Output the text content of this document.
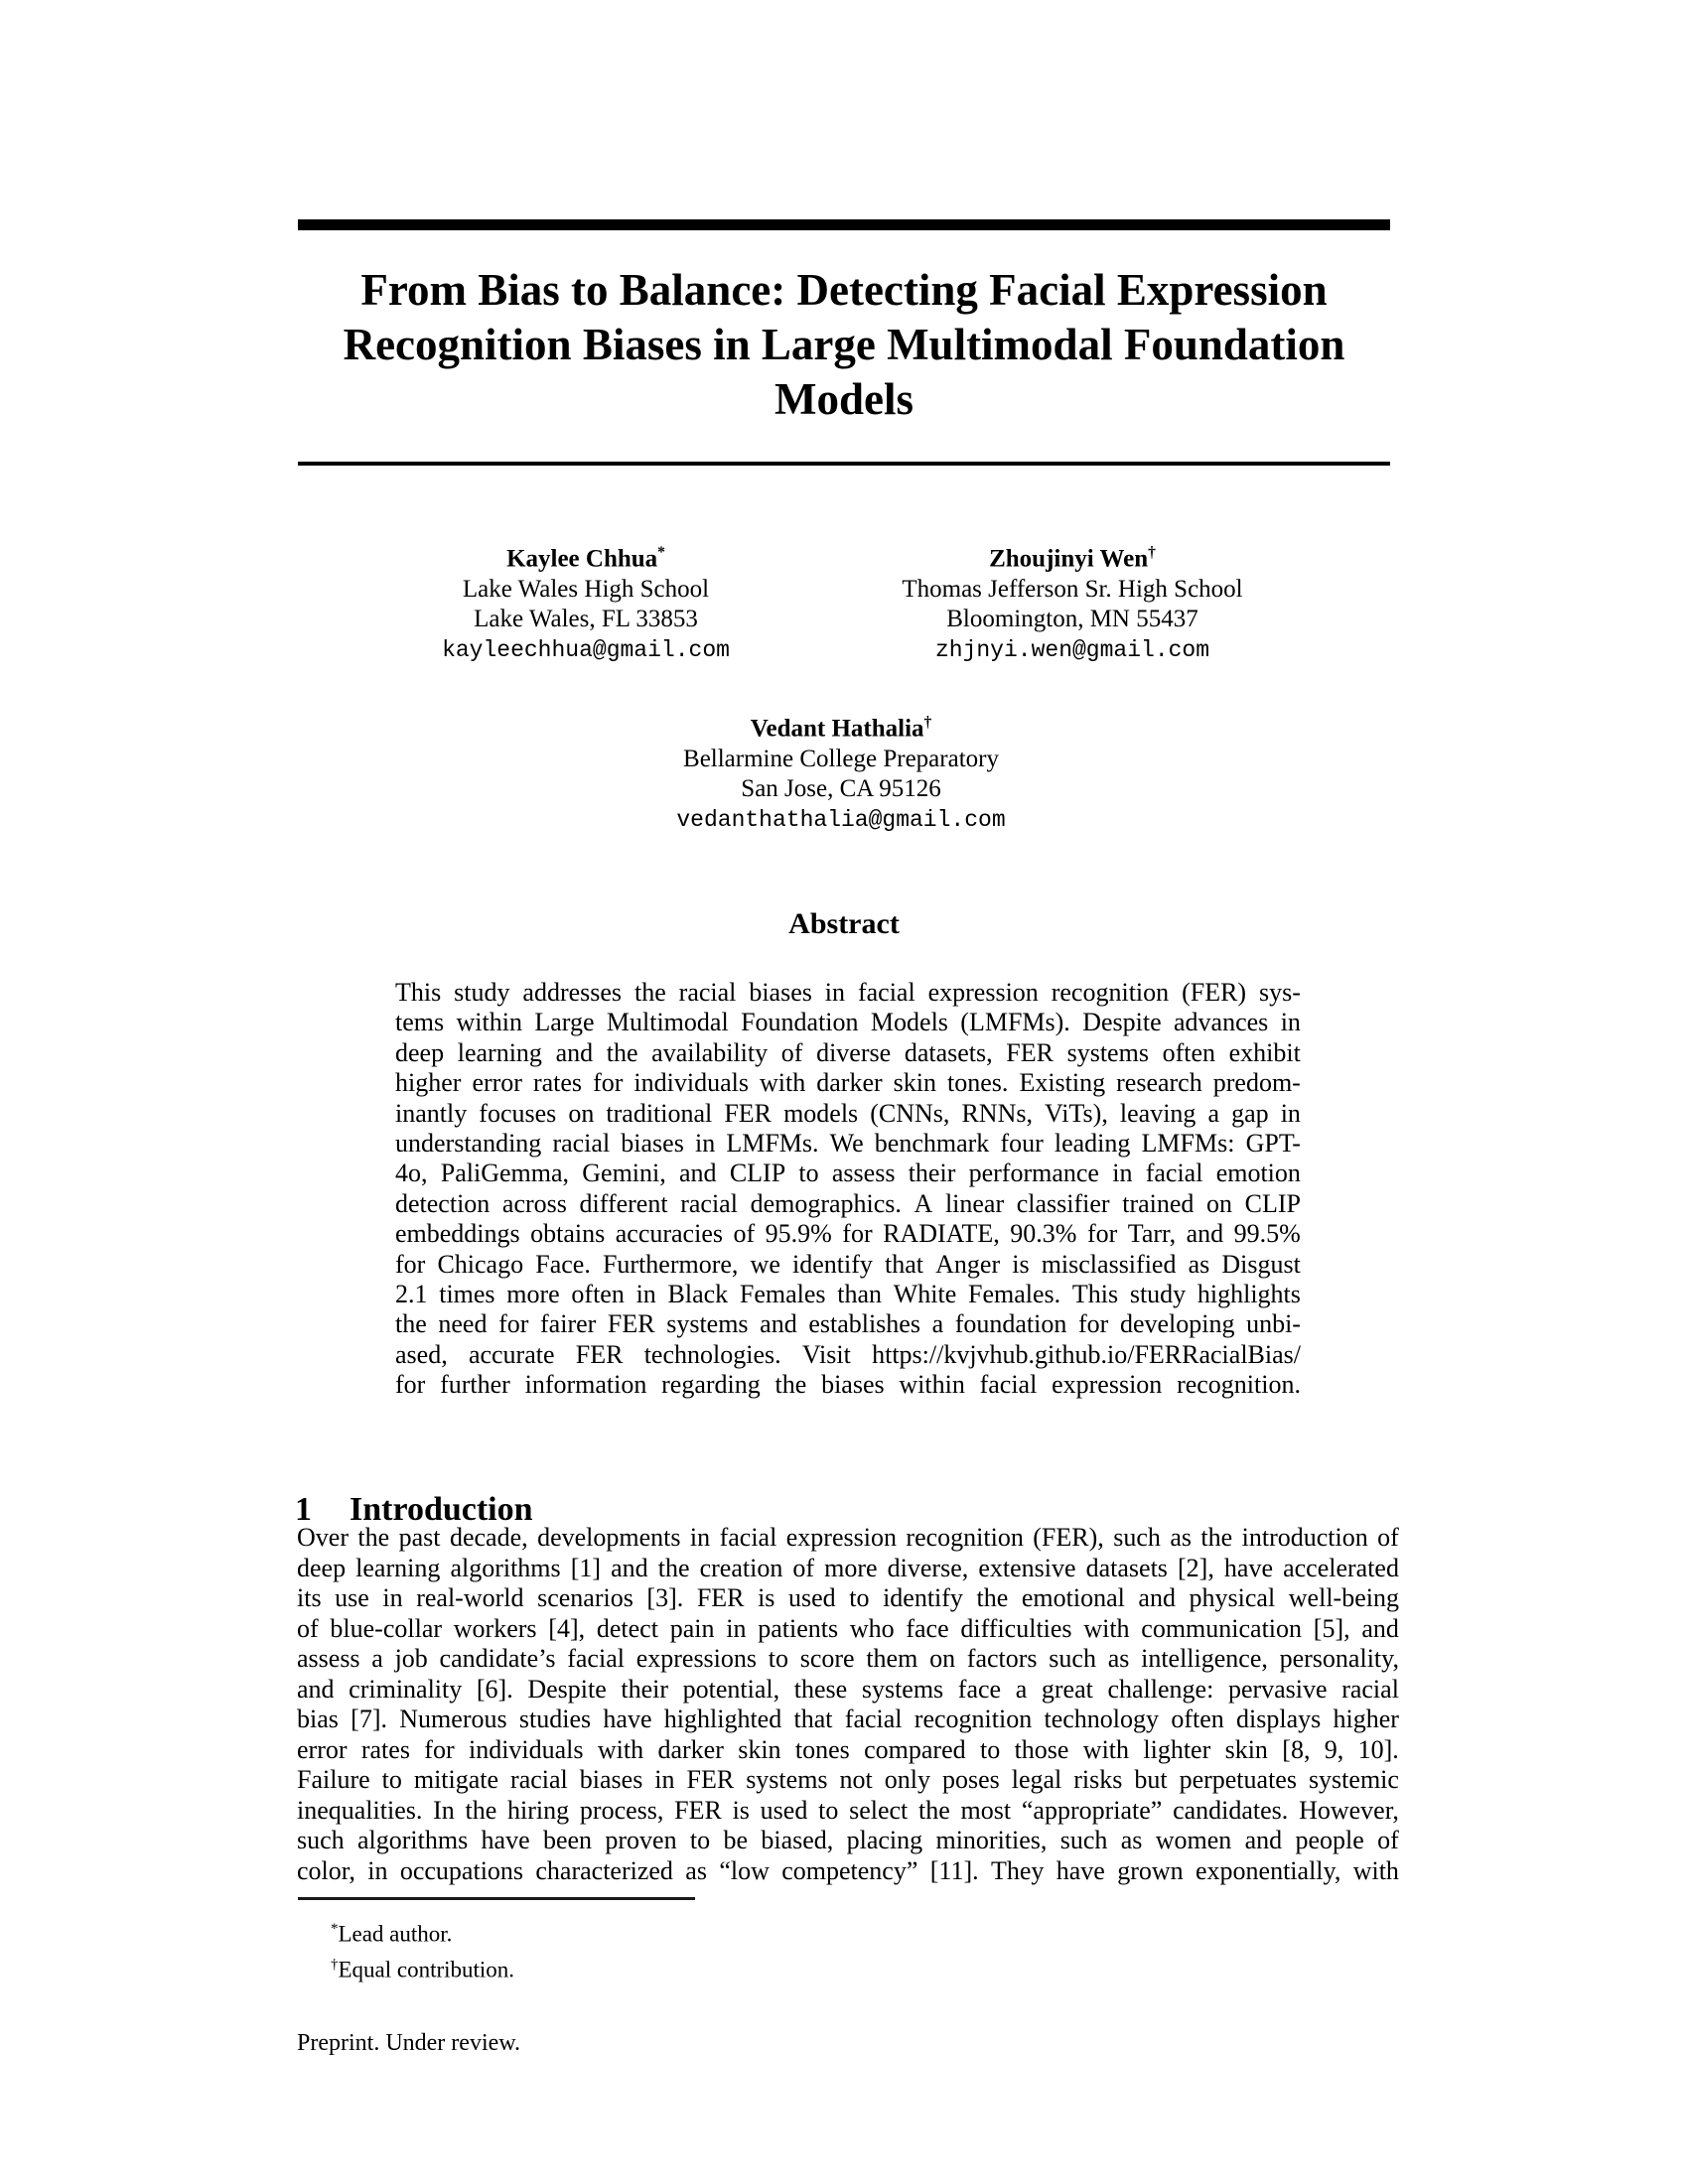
From Bias to Balance: Detecting Facial Expression
Recognition Biases in Large Multimodal Foundation
Models
Kaylee Chhua*
Lake Wales High School
Lake Wales, FL 33853
kayleechhua@gmail.com
Zhoujinyi Wen†
Thomas Jefferson Sr. High School
Bloomington, MN 55437
zhjnyi.wen@gmail.com
Vedant Hathalia†
Bellarmine College Preparatory
San Jose, CA 95126
vedanthathalia@gmail.com
Abstract
This study addresses the racial biases in facial expression recognition (FER) sys-
tems within Large Multimodal Foundation Models (LMFMs). Despite advances in
deep learning and the availability of diverse datasets, FER systems often exhibit
higher error rates for individuals with darker skin tones. Existing research predom-
inantly focuses on traditional FER models (CNNs, RNNs, ViTs), leaving a gap in
understanding racial biases in LMFMs. We benchmark four leading LMFMs: GPT-
4o, PaliGemma, Gemini, and CLIP to assess their performance in facial emotion
detection across different racial demographics. A linear classifier trained on CLIP
embeddings obtains accuracies of 95.9% for RADIATE, 90.3% for Tarr, and 99.5%
for Chicago Face. Furthermore, we identify that Anger is misclassified as Disgust
2.1 times more often in Black Females than White Females. This study highlights
the need for fairer FER systems and establishes a foundation for developing unbi-
ased, accurate FER technologies. Visit https://kvjvhub.github.io/FERRacialBias/
for further information regarding the biases within facial expression recognition.
1 Introduction
Over the past decade, developments in facial expression recognition (FER), such as the introduction of
deep learning algorithms [1] and the creation of more diverse, extensive datasets [2], have accelerated
its use in real-world scenarios [3]. FER is used to identify the emotional and physical well-being
of blue-collar workers [4], detect pain in patients who face difficulties with communication [5], and
assess a job candidate’s facial expressions to score them on factors such as intelligence, personality,
and criminality [6]. Despite their potential, these systems face a great challenge: pervasive racial
bias [7]. Numerous studies have highlighted that facial recognition technology often displays higher
error rates for individuals with darker skin tones compared to those with lighter skin [8, 9, 10].
Failure to mitigate racial biases in FER systems not only poses legal risks but perpetuates systemic
inequalities. In the hiring process, FER is used to select the most “appropriate” candidates. However,
such algorithms have been proven to be biased, placing minorities, such as women and people of
color, in occupations characterized as “low competency” [11]. They have grown exponentially, with
*Lead author.
†Equal contribution.
Preprint. Under review.
